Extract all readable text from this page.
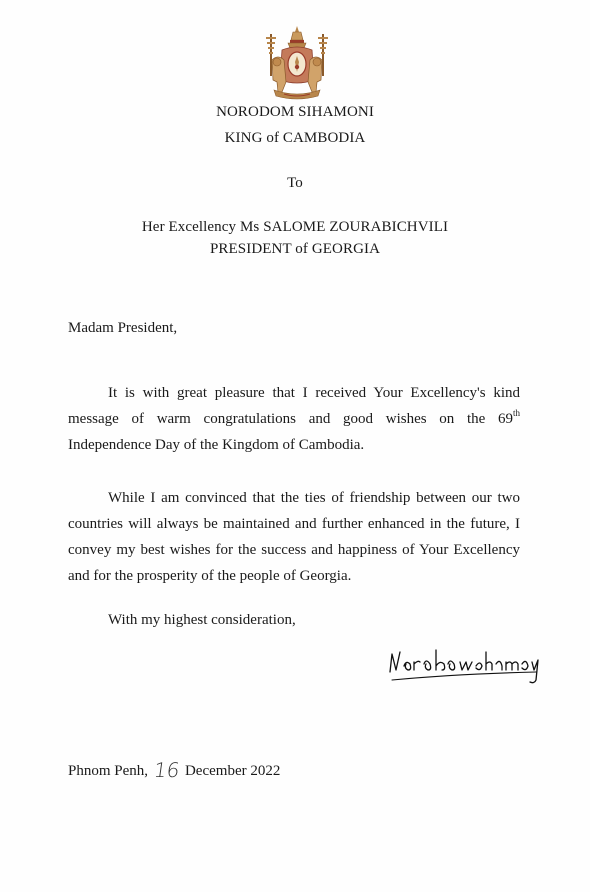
NORODOM SIHAMONI
KING of CAMBODIA
To
Her Excellency Ms SALOME ZOURABICHVILI
PRESIDENT of GEORGIA
Madam President,
It is with great pleasure that I received Your Excellency's kind message of warm congratulations and good wishes on the 69th Independence Day of the Kingdom of Cambodia.
While I am convinced that the ties of friendship between our two countries will always be maintained and further enhanced in the future, I convey my best wishes for the success and happiness of Your Excellency and for the prosperity of the people of Georgia.
With my highest consideration,
Phnom Penh, 16 December 2022
